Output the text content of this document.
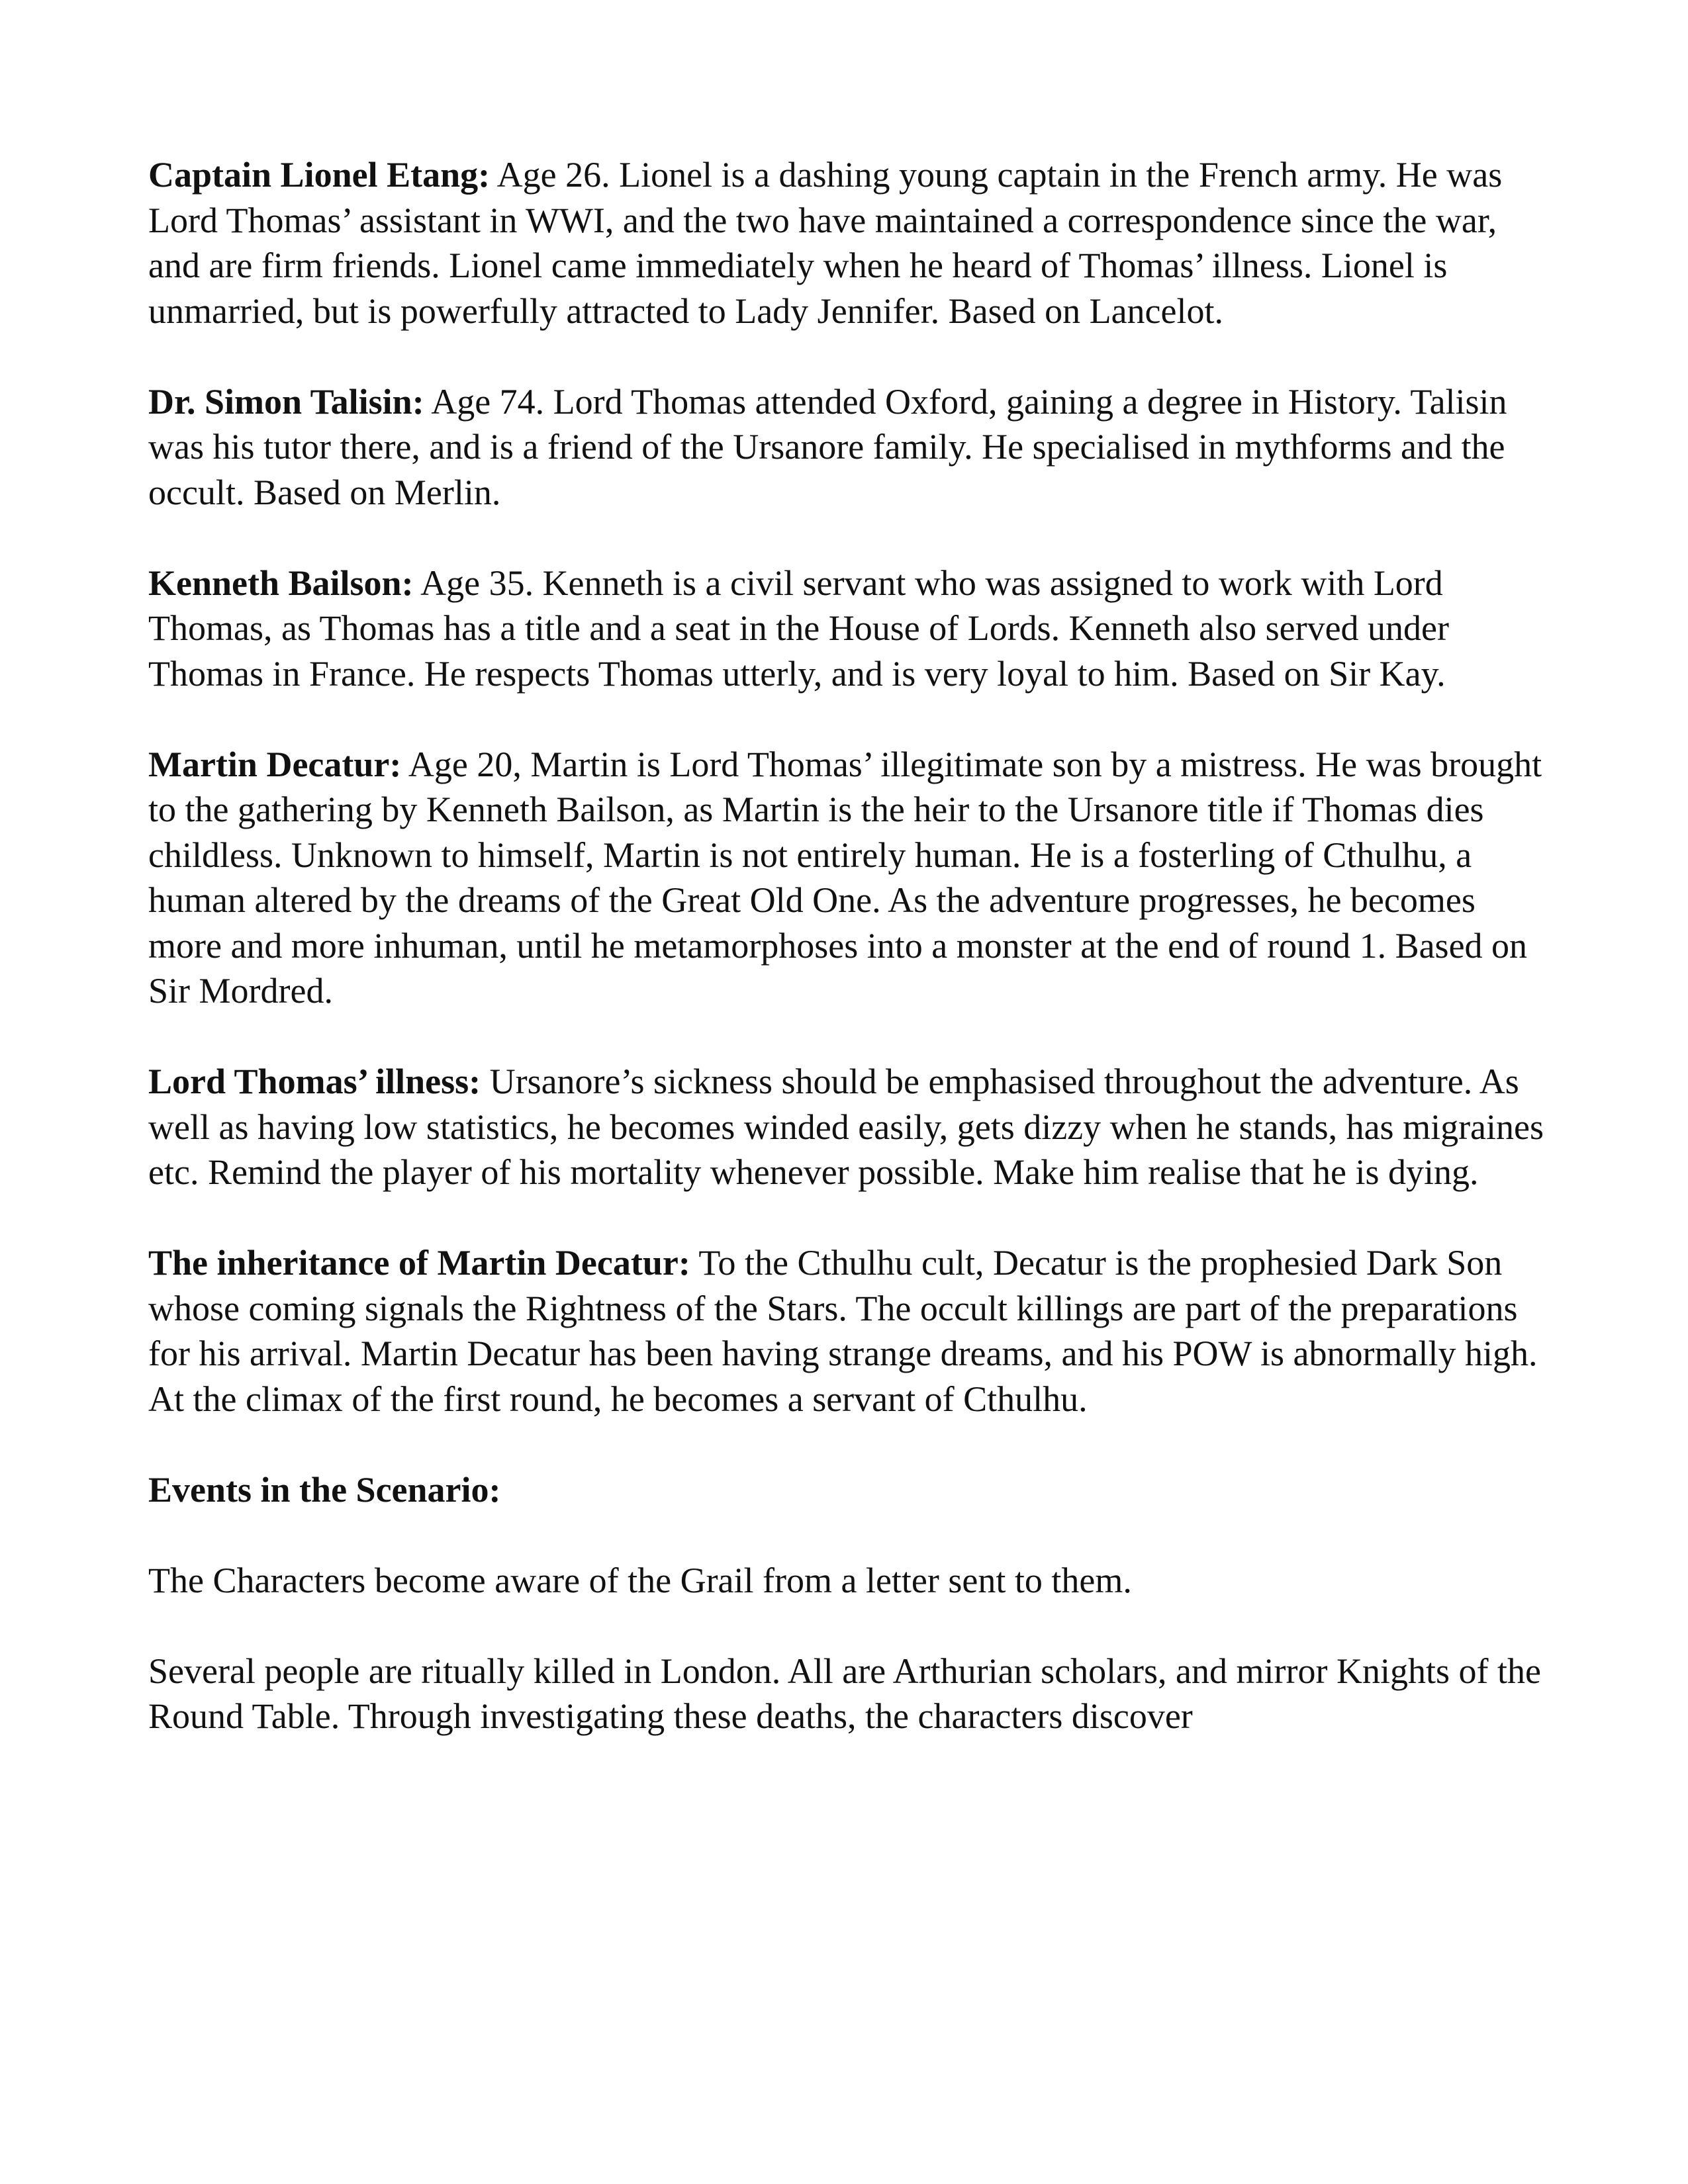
Captain Lionel Etang: Age 26. Lionel is a dashing young captain in the French army. He was Lord Thomas’ assistant in WWI, and the two have maintained a correspondence since the war, and are firm friends. Lionel came immediately when he heard of Thomas’ illness. Lionel is unmarried, but is powerfully attracted to Lady Jennifer. Based on Lancelot.

Dr. Simon Talisin: Age 74. Lord Thomas attended Oxford, gaining a degree in History. Talisin was his tutor there, and is a friend of the Ursanore family. He specialised in mythforms and the occult. Based on Merlin.

Kenneth Bailson: Age 35. Kenneth is a civil servant who was assigned to work with Lord Thomas, as Thomas has a title and a seat in the House of Lords. Kenneth also served under Thomas in France. He respects Thomas utterly, and is very loyal to him. Based on Sir Kay.

Martin Decatur: Age 20, Martin is Lord Thomas’ illegitimate son by a mistress. He was brought to the gathering by Kenneth Bailson, as Martin is the heir to the Ursanore title if Thomas dies childless. Unknown to himself, Martin is not entirely human. He is a fosterling of Cthulhu, a human altered by the dreams of the Great Old One. As the adventure progresses, he becomes more and more inhuman, until he metamorphoses into a monster at the end of round 1. Based on Sir Mordred.

Lord Thomas’ illness: Ursanore’s sickness should be emphasised throughout the adventure. As well as having low statistics, he becomes winded easily, gets dizzy when he stands, has migraines etc. Remind the player of his mortality whenever possible. Make him realise that he is dying.

The inheritance of Martin Decatur: To the Cthulhu cult, Decatur is the prophesied Dark Son whose coming signals the Rightness of the Stars. The occult killings are part of the preparations for his arrival. Martin Decatur has been having strange dreams, and his POW is abnormally high. At the climax of the first round, he becomes a servant of Cthulhu.

Events in the Scenario:

The Characters become aware of the Grail from a letter sent to them.

Several people are ritually killed in London. All are Arthurian scholars, and mirror Knights of the Round Table. Through investigating these deaths, the characters discover
